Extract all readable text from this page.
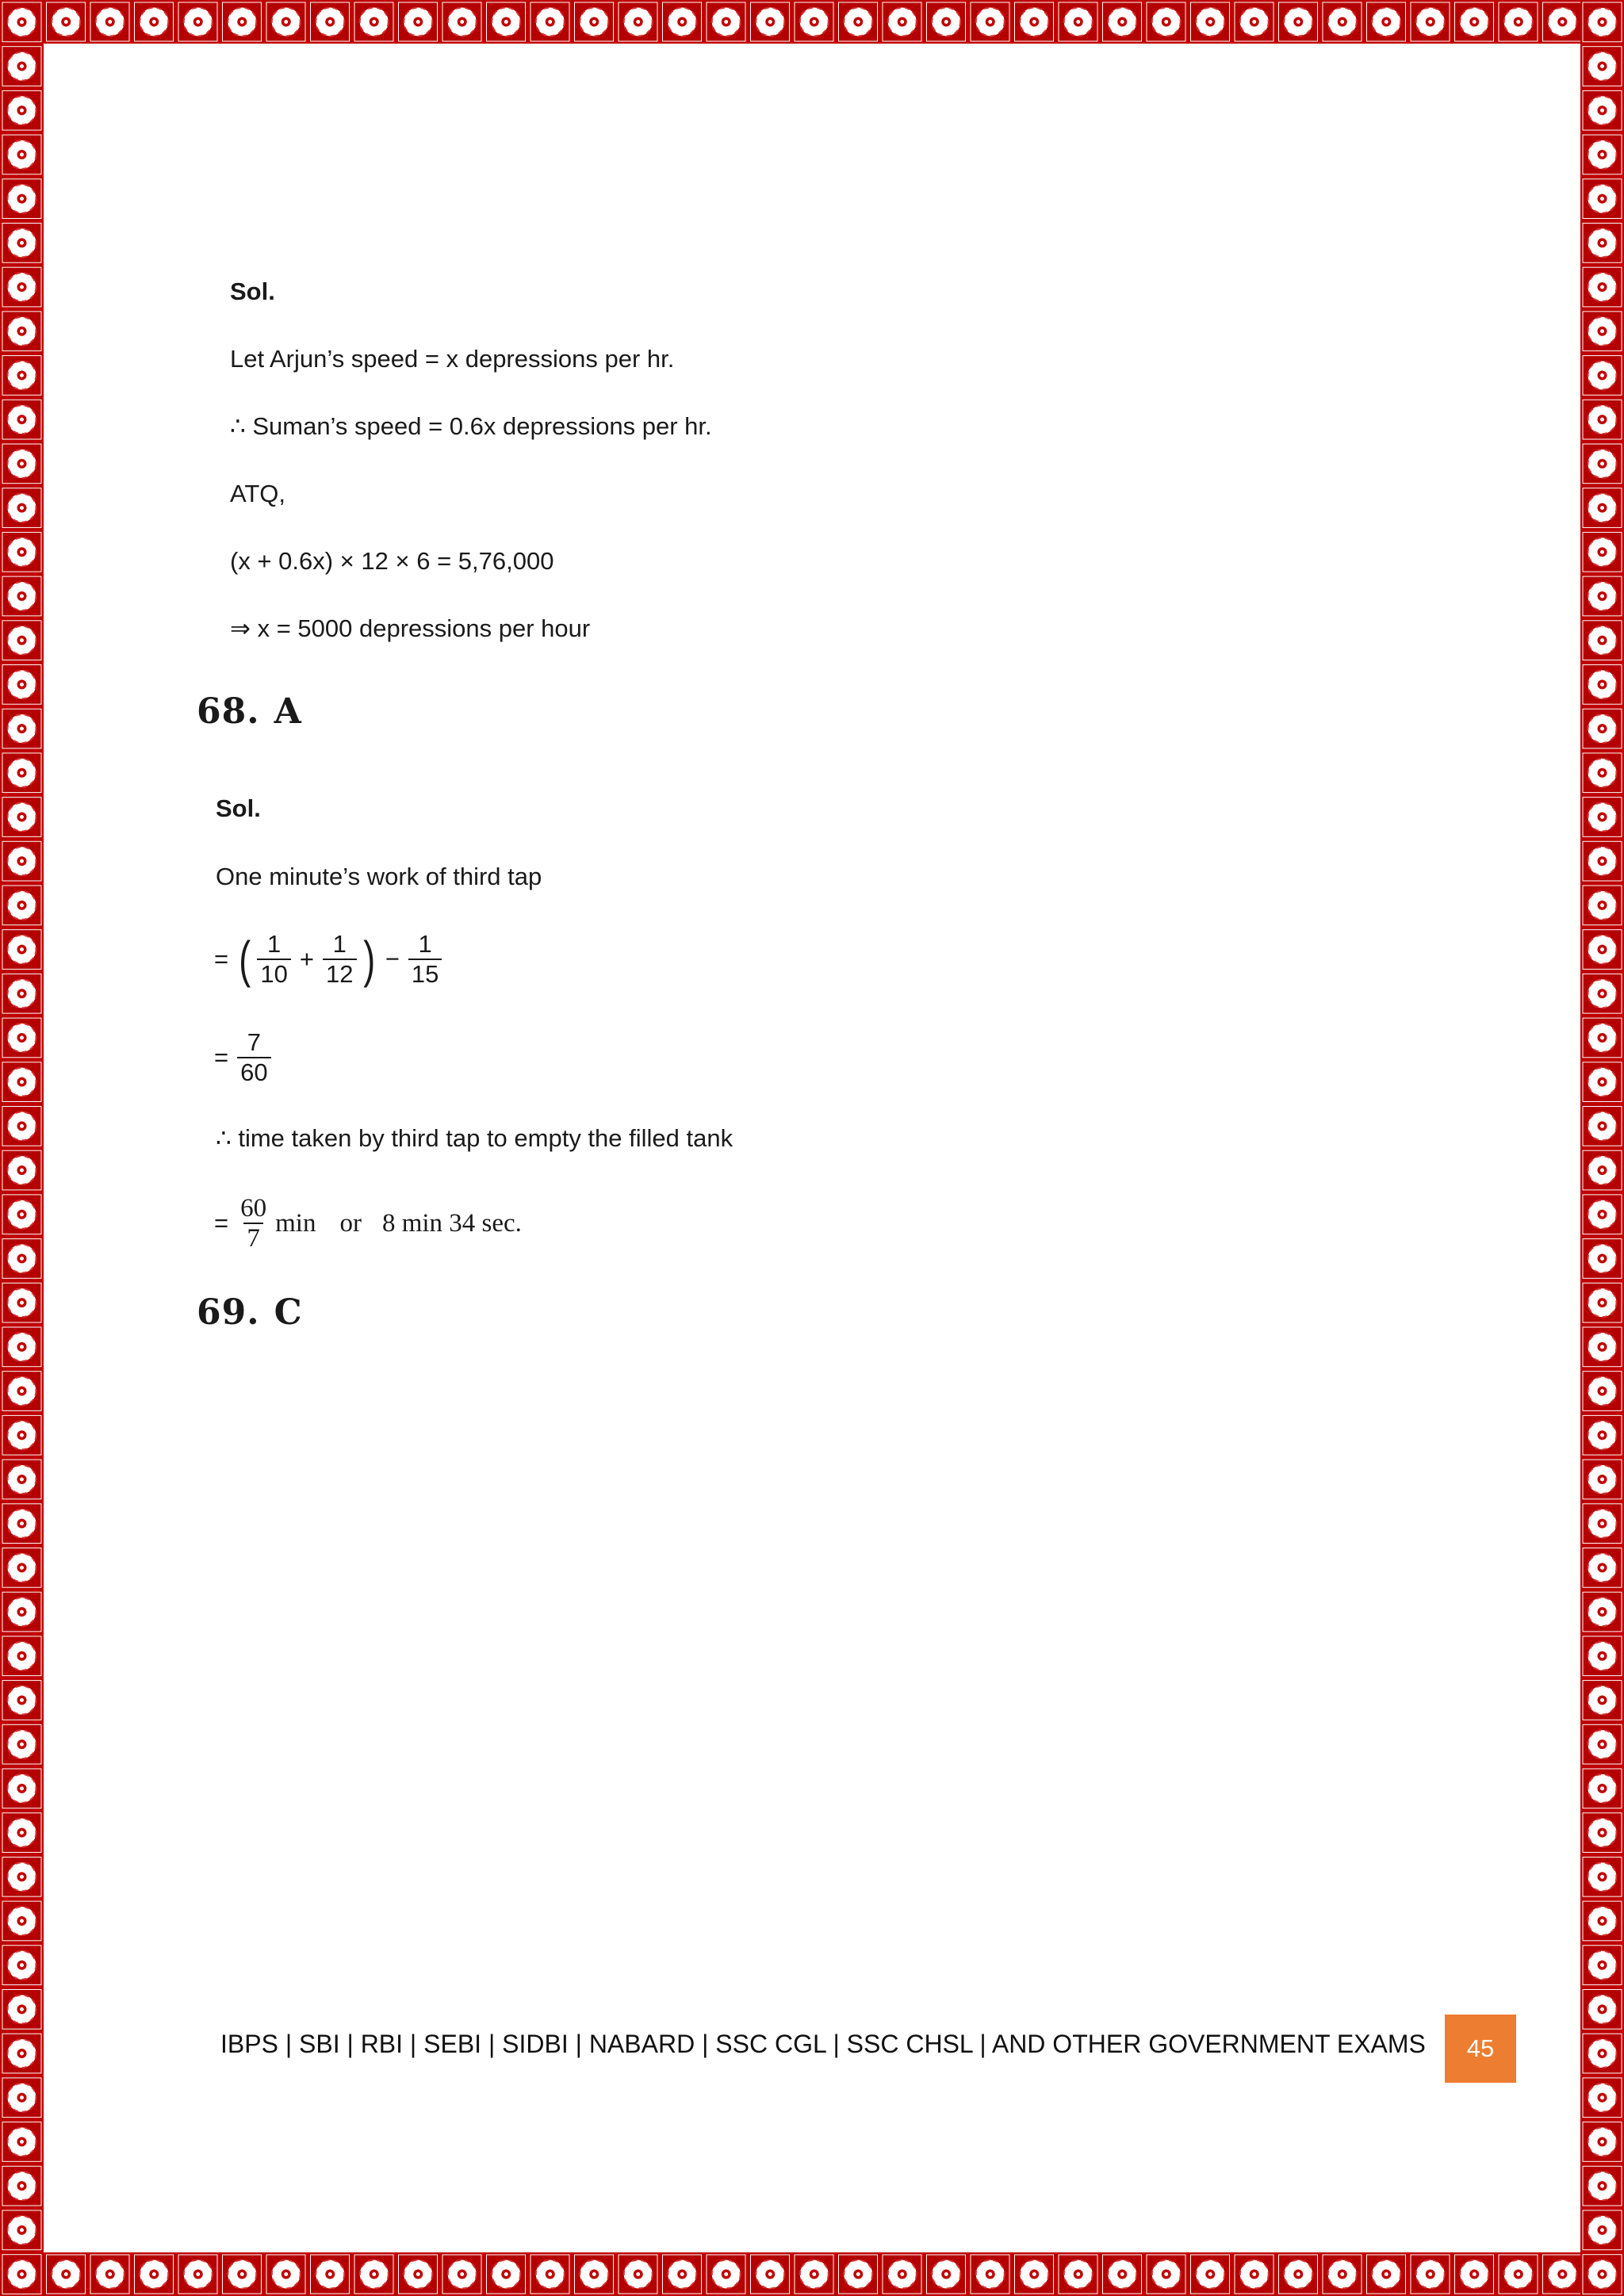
Sol.
Let Arjun’s speed = x depressions per hr.
∴ Suman’s speed = 0.6x depressions per hr.
ATQ,
(x + 0.6x) × 12 × 6 = 5,76,000
⇒ x = 5000 depressions per hour
68. A
Sol.
One minute’s work of third tap
= ( $\frac{1}{10} + \frac{1}{12}$ ) − $\frac{1}{15}$
= $\frac{7}{60}$
∴ time taken by third tap to empty the filled tank
= $\frac{60}{7}$ min or 8 min 34 sec.
69. C
IBPS | SBI | RBI | SEBI | SIDBI | NABARD | SSC CGL | SSC CHSL | AND OTHER GOVERNMENT EXAMS	45
